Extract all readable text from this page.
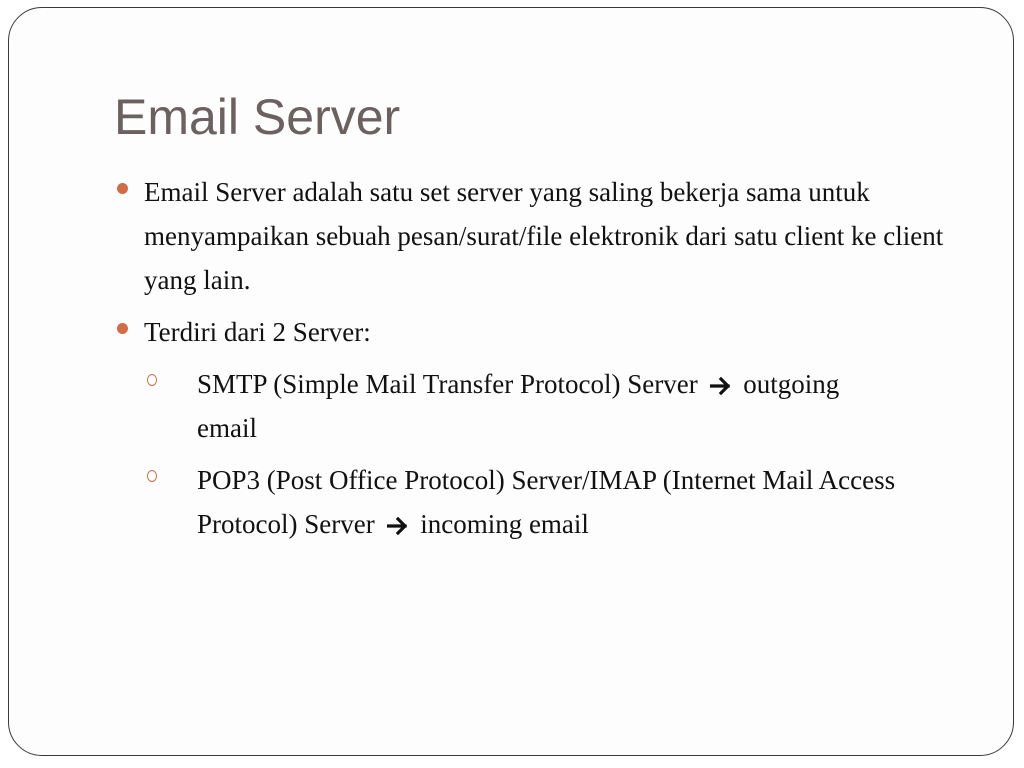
Email Server
Email Server adalah satu set server yang saling bekerja sama untuk menyampaikan sebuah pesan/surat/file elektronik dari satu client ke client yang lain.
Terdiri dari 2 Server:
SMTP (Simple Mail Transfer Protocol) Server outgoing email
POP3 (Post Office Protocol) Server/IMAP (Internet Mail Access Protocol) Server incoming email
